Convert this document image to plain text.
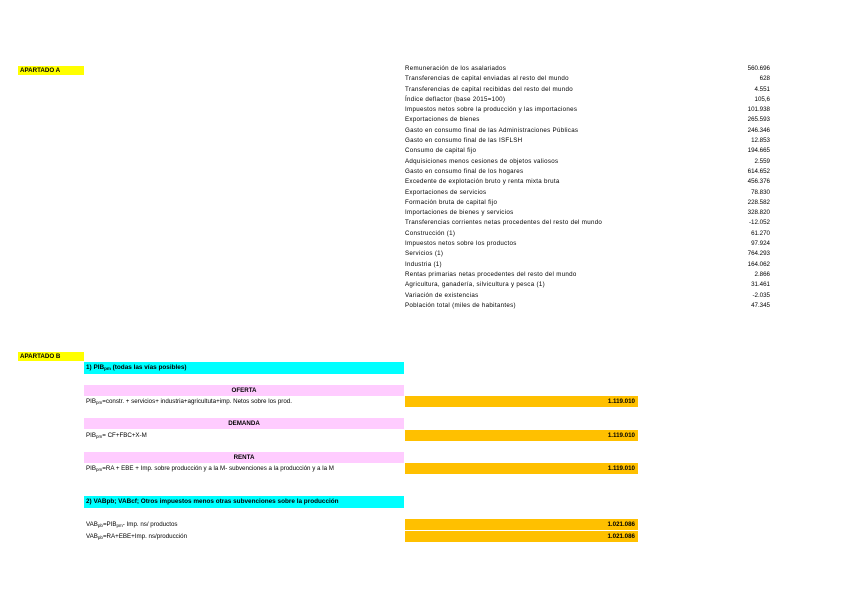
APARTADO A	Remuneración de los asalariados	560.696
Transferencias de capital enviadas al resto del mundo	628
Transferencias de capital recibidas del resto del mundo	4.551
Índice deflactor (base 2015=100)	105,6
Impuestos netos sobre la producción y las importaciones	101.938
Exportaciones de bienes	265.593
Gasto en consumo final de las Administraciones Públicas	246.346
Gasto en consumo final de las ISFLSH	12.853
Consumo de capital fijo	194.665
Adquisiciones menos cesiones de objetos valiosos	2.559
Gasto en consumo final de los hogares	614.652
Excedente de explotación bruto y renta mixta bruta	456.376
Exportaciones de servicios	78.830
Formación bruta de capital fijo	228.582
Importaciones de bienes y servicios	328.820
Transferencias corrientes netas procedentes del resto del mundo	-12.052
Construcción (1)	61.270
Impuestos netos sobre los productos	97.924
Servicios (1)	764.293
Industria (1)	164.062
Rentas primarias netas procedentes del resto del mundo	2.866
Agricultura, ganadería, silvicultura y pesca (1)	31.461
Variación de existencias	-2.035
Población total (miles de habitantes)	47.345
APARTADO B
1) $PIB_{pm}$ (todas las vías posibles)
OFERTA
$PIB_{pm}=constr$. + servicios+ industria+agricultuta+imp. Netos sobre los prod.	1.119.010
DEMANDA
$PIB_{pm}= CF+FBC+X-M$	1.119.010
RENTA
$PIB_{pm}=RA$ + EBE + Imp. sobre producción y a la M- subvenciones a la producción y a la M	1.119.010
2) VABpb; VABcf; Otros impuestos menos otras subvenciones sobre la producción
$VAB_{pb}=PIB_{pm}-$ Imp. ns/ productos	1.021.086
$VAB_{pb}=RA+EBE+Imp$. ns/producción	1.021.086
